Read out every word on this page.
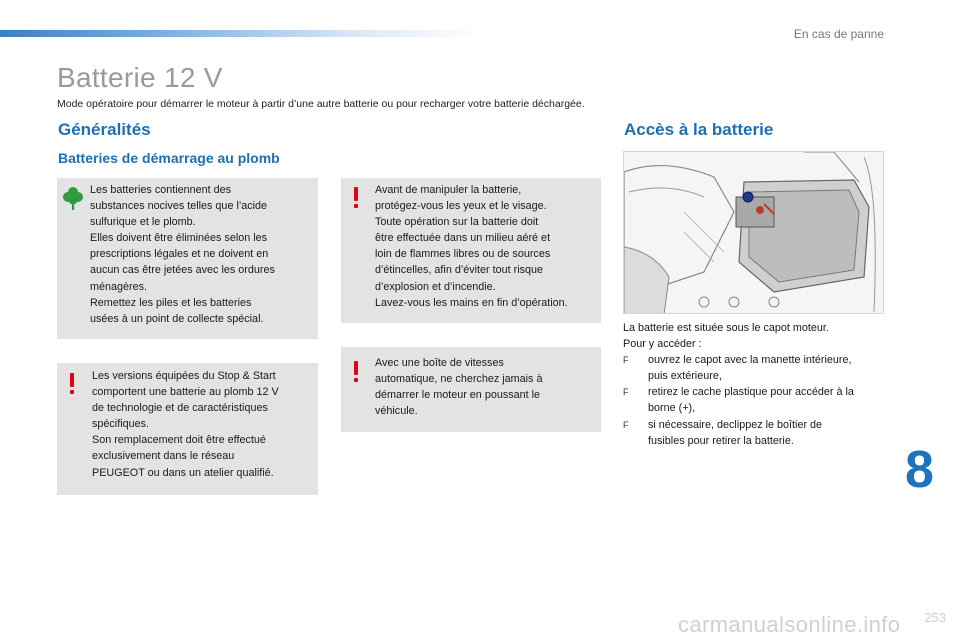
En cas de panne
Batterie 12 V
Mode opératoire pour démarrer le moteur à partir d’une autre batterie ou pour recharger votre batterie déchargée.
Généralités
Batteries de démarrage au plomb
Les batteries contiennent des
substances nocives telles que l’acide
sulfurique et le plomb.
Elles doivent être éliminées selon les
prescriptions légales et ne doivent en
aucun cas être jetées avec les ordures
ménagères.
Remettez les piles et les batteries
usées à un point de collecte spécial.
Avant de manipuler la batterie,
protégez-vous les yeux et le visage.
Toute opération sur la batterie doit
être effectuée dans un milieu aéré et
loin de flammes libres ou de sources
d’étincelles, afin d’éviter tout risque
d’explosion et d’incendie.
Lavez-vous les mains en fin d’opération.
Les versions équipées du Stop & Start
comportent une batterie au plomb 12 V
de technologie et de caractéristiques
spécifiques.
Son remplacement doit être effectué
exclusivement dans le réseau
PEUGEOT ou dans un atelier qualifié.
Avec une boîte de vitesses
automatique, ne cherchez jamais à
démarrer le moteur en poussant le
véhicule.
Accès à la batterie
La batterie est située sous le capot moteur.
Pour y accéder :
F ouvrez le capot avec la manette intérieure,
puis extérieure,
F retirez le cache plastique pour accéder à la
borne (+),
F si nécessaire, declippez le boîtier de
fusibles pour retirer la batterie.
8
carmanualsonline.info 253
